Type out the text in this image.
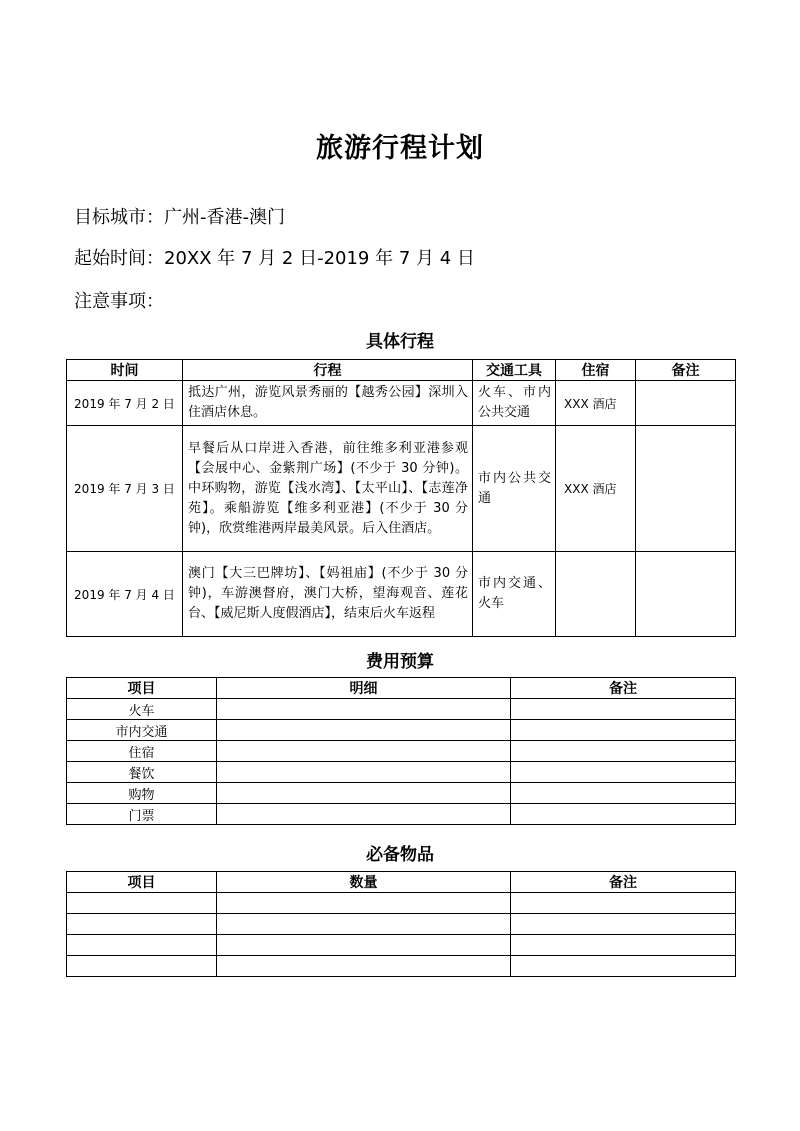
旅游行程计划
目标城市：广州-香港-澳门
起始时间：20XX 年 7 月 2 日-2019 年 7 月 4 日
注意事项：
具体行程
时间	行程	交通工具	住宿	备注
2019 年 7 月 2 日	抵达广州，游览风景秀丽的【越秀公园】深圳入住酒店休息。	火车、市内公共交通	XXX 酒店	
2019 年 7 月 3 日	早餐后从口岸进入香港，前往维多利亚港参观【会展中心、金紫荆广场】(不少于 30 分钟)。中环购物，游览【浅水湾】、【太平山】、【志莲净苑】。乘船游览【维多利亚港】(不少于 30 分钟)，欣赏维港两岸最美风景。后入住酒店。	市内公共交通	XXX 酒店	
2019 年 7 月 4 日	澳门【大三巴牌坊】、【妈祖庙】(不少于 30 分钟)，车游澳督府，澳门大桥，望海观音、莲花台、【威尼斯人度假酒店】，结束后火车返程	市内交通、火车		
费用预算
项目	明细	备注
火车		
市内交通		
住宿		
餐饮		
购物		
门票		
必备物品
项目	数量	备注
